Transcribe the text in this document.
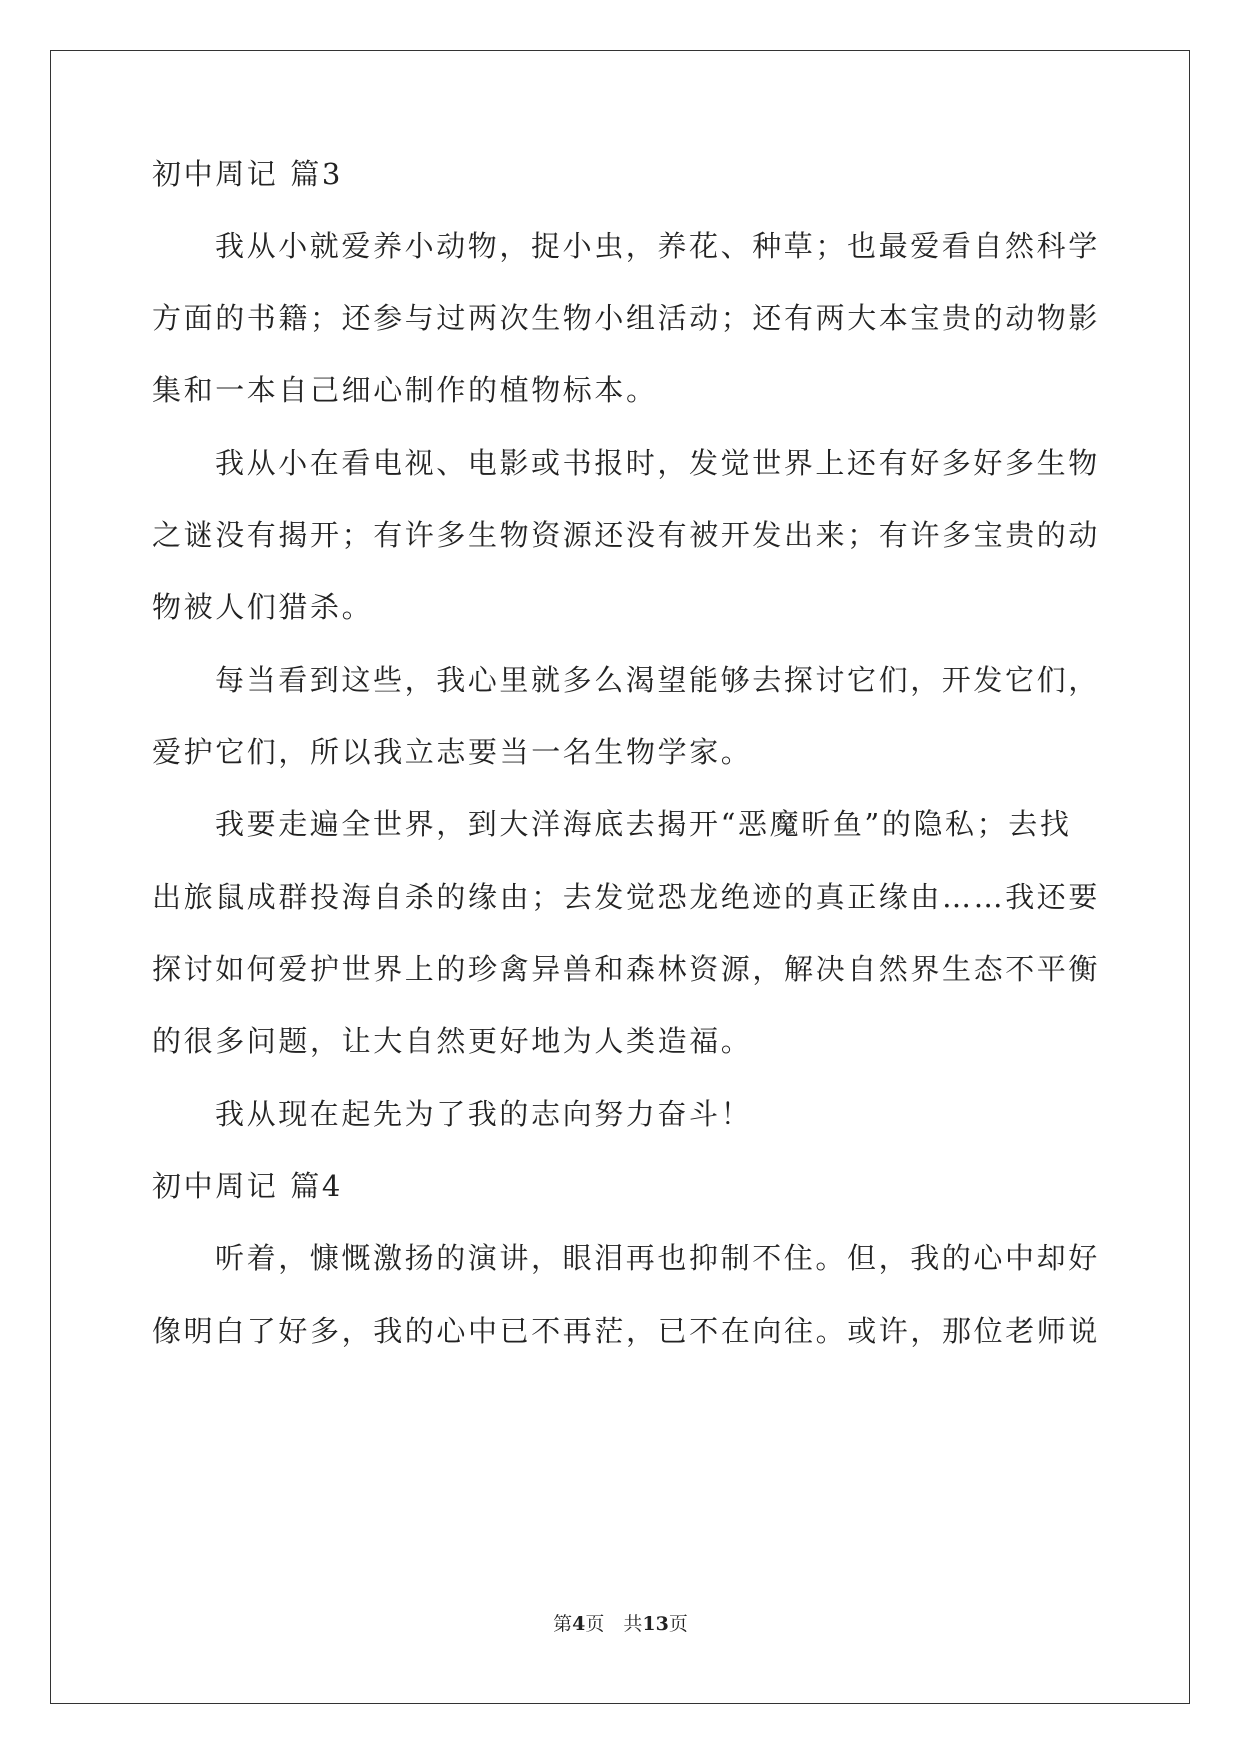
初中周记 篇3
我从小就爱养小动物，捉小虫，养花、种草；也最爱看自然科学
方面的书籍；还参与过两次生物小组活动；还有两大本宝贵的动物影
集和一本自己细心制作的植物标本。
我从小在看电视、电影或书报时，发觉世界上还有好多好多生物
之谜没有揭开；有许多生物资源还没有被开发出来；有许多宝贵的动
物被人们猎杀。
每当看到这些，我心里就多么渴望能够去探讨它们，开发它们，
爱护它们，所以我立志要当一名生物学家。
我要走遍全世界，到大洋海底去揭开“恶魔昕鱼”的隐私；去找
出旅鼠成群投海自杀的缘由；去发觉恐龙绝迹的真正缘由……我还要
探讨如何爱护世界上的珍禽异兽和森林资源，解决自然界生态不平衡
的很多问题，让大自然更好地为人类造福。
我从现在起先为了我的志向努力奋斗！
初中周记 篇4
听着，慷慨激扬的演讲，眼泪再也抑制不住。但，我的心中却好
像明白了好多，我的心中已不再茫，已不在向往。或许，那位老师说
第4页　共13页
